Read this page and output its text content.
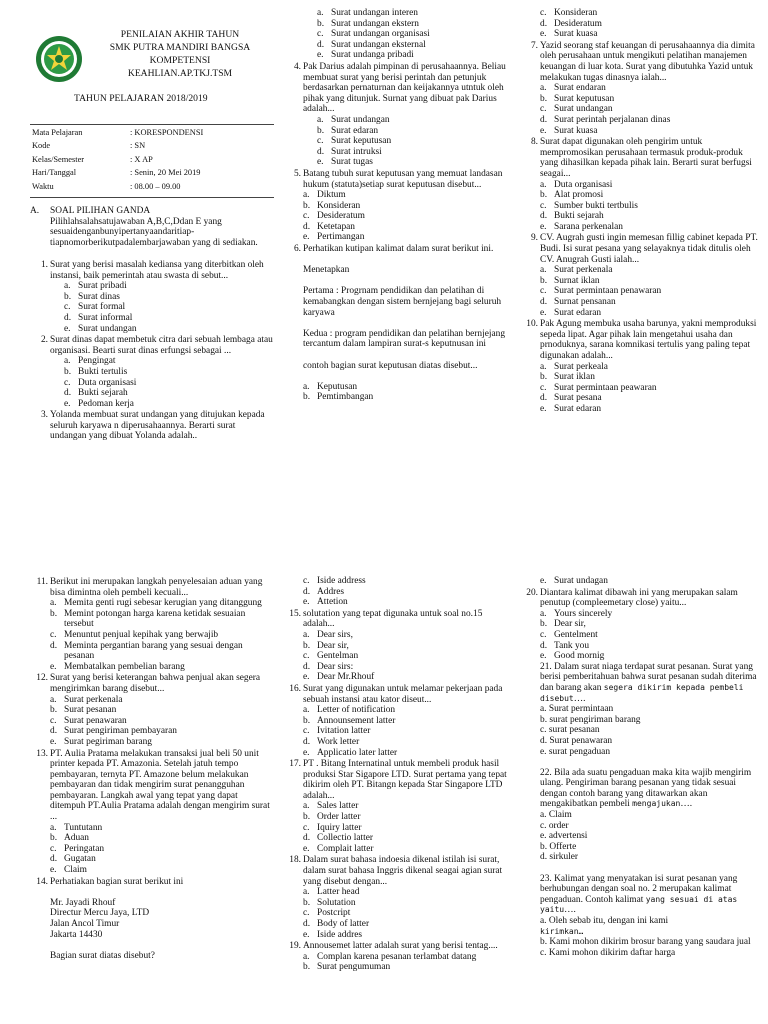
PENILAIAN AKHIR TAHUN
SMK PUTRA MANDIRI BANGSA
KOMPETENSI
KEAHLIAN.AP.TKJ.TSM
TAHUN PELAJARAN 2018/2019
Mata Pelajaran	: KORESPONDENSI
Kode	: SN
Kelas/Semester	: X AP
Hari/Tanggal	: Senin, 20 Mei 2019
Waktu	: 08.00 – 09.00
A. SOAL PILIHAN GANDA
Pilihlahsalahsatujawaban A,B,C,Ddan E yang sesuaidenganbunyipertanyaandaritiap-tiapnomorberikutpadalembarjawaban yang di sediakan.
1. Surat yang berisi masalah kediansa yang diterbitkan oleh instansi, baik pemerintah atau swasta di sebut...
a. Surat pribadi
b. Surat dinas
c. Surat formal
d. Surat informal
e. Surat undangan
2. Surat dinas dapat membetuk citra dari sebuah lembaga atau organisasi. Bearti surat dinas erfungsi sebagai ...
a. Pengingat
b. Bukti tertulis
c. Duta organisasi
d. Bukti sejarah
e. Pedoman kerja
3. Yolanda membuat surat undangan yang ditujukan kepada seluruh karyawa n diperusahaannya. Berarti surat undangan yang dibuat Yolanda adalah..
a. Surat undangan interen
b. Surat undangan ekstern
c. Surat undangan organisasi
d. Surat undangan eksternal
e. Surat undanga pribadi
4. Pak Darius adalah pimpinan di perusahaannya. Beliau membuat surat yang berisi perintah dan petunjuk berdasarkan pernaturnan dan keijakannya utntuk oleh pihak yang ditunjuk. Surnat yang dibuat pak Darius adalah...
a. Surat undangan
b. Surat edaran
c. Surat keputusan
d. Surat intruksi
e. Surat tugas
5. Batang tubuh surat keputusan yang memuat landasan hukum (statuta)setiap surat keputusan disebut...
a. Diktum
b. Konsideran
c. Desideratum
d. Ketetapan
e. Pertimangan
6. Perhatikan kutipan kalimat dalam surat berikut ini.
Menetapkan
Pertama : Progrnam pendidikan dan pelatihan di kemabangkan dengan sistem bernjejang bagi seluruh karyawa
Kedua : program pendidikan dan pelatihan bernjejang tercantum dalam lampiran surat-s keputnusan ini
contoh bagian surat keputusan diatas disebut...
a. Keputusan
b. Pemtimbangan
c. Konsideran
d. Desideratum
e. Surat kuasa
7. Yazid seorang staf keuangan di perusahaannya dia dimita oleh perusahaan untuk mengikuti pelatihan manajemen keuangan di luar kota. Surat yang dibutuhka Yazid untuk melakukan tugas dinasnya ialah...
a. Surat endaran
b. Surat keputusan
c. Surat undangan
d. Surat perintah perjalanan dinas
e. Surat kuasa
8. Surat dapat digunakan oleh pengirim untuk mempromosikan perusahaan termasuk produk-produk yang dihasilkan kepada pihak lain. Berarti surat berfugsi seagai...
a. Duta organisasi
b. Alat promosi
c. Sumber bukti tertbulis
d. Bukti sejarah
e. Sarana perkenalan
9. CV. Augrah gusti ingin memesan fillig cabinet kepada PT. Budi. Isi surat pesana yang selayaknya tidak ditulis oleh CV. Anugrah Gusti ialah...
a. Surat perkenala
b. Surnat iklan
c. Surat permintaan penawaran
d. Surnat pensanan
e. Surat edaran
10. Pak Agung membuka usaha barunya, yakni memproduksi sepeda lipat. Agar pihak lain mengetahui usaha dan prnoduknya, sarana komnikasi tertulis yang paling tepat digunakan adalah...
a. Surat perkeala
b. Surat iklan
c. Surat permintaan peawaran
d. Surat pesana
e. Surat edaran
11. Berikut ini merupakan langkah penyelesaian aduan yang bisa dimintna oleh pembeli kecuali...
a. Memita genti rugi sebesar kerugian yang ditanggung
b. Memint potongan harga karena ketidak sesuaian tersebut
c. Menuntut penjual kepihak yang berwajib
d. Meminta pergantian barang yang sesuai dengan pesanan
e. Membatalkan pembelian barang
12. Surat yang berisi keterangan bahwa penjual akan segera mengirimkan barang disebut...
a. Surat perkenala
b. Surat pesanan
c. Surat penawaran
d. Surat pengiriman pembayaran
e. Surat pegiriman barang
13. PT. Aulia Pratama melakukan transaksi jual beli 50 unit printer kepada PT. Amazonia. Setelah jatuh tempo pembayaran, ternyta PT. Amazone belum melakukan pembayaran dan tidak mengirim surat penangguhan pembayaran. Langkah awal yang tepat yang dapat ditempuh PT.Aulia Pratama adalah dengan mengirim surat ...
a. Tuntutann
b. Aduan
c. Peringatan
d. Gugatan
e. Claim
14. Perhatiakan bagian surat berikut ini
Mr. Jayadi Rhouf
Directur Mercu Jaya, LTD
Jalan Ancol Timur
Jakarta 14430
Bagian surat diatas disebut?
c. Iside address
d. Addres
e. Attetion
15. solutation yang tepat digunaka untuk soal no.15 adalah...
a. Dear sirs,
b. Dear sir,
c. Gentelman
d. Dear sirs:
e. Dear Mr.Rhouf
16. Surat yang digunakan untuk melamar pekerjaan pada sebuah instansi atau kator diseut...
a. Letter of notification
b. Announsement latter
c. Ivitation latter
d. Work letter
e. Applicatio later latter
17. PT . Bitang Internatinal untuk membeli produk hasil produksi Star Sigapore LTD. Surat pertama yang tepat dikirim oleh PT. Bitangn kepada Star Singapore LTD adalah...
a. Sales latter
b. Order latter
c. Iquiry latter
d. Collectio latter
e. Complait latter
18. Dalam surat bahasa indoesia dikenal istilah isi surat, dalam surat bahasa Inggris dikenal seagai agian surat yang disebut dengan...
a. Latter head
b. Solutation
c. Postcript
d. Body of latter
e. Iside addres
19. Annousemet latter adalah surat yang berisi tentag....
a. Complan karena pesanan terlambat datang
b. Surat pengumuman
e. Surat undagan
20. Diantara kalimat dibawah ini yang merupakan salam penutup (compleemetary close) yaitu...
a. Yours sincerely
b. Dear sir,
c. Gentelment
d. Tank you
e. Good mornig
21. Dalam surat niaga terdapat surat pesanan. Surat yang berisi pemberitahuan bahwa surat pesanan sudah diterima dan barang akan segera dikirim kepada pembeli disebut….
a. Surat permintaan
b. surat pengiriman barang
c. surat pesanan
d. Surat penawaran
e. surat pengaduan
22. Bila ada suatu pengaduan maka kita wajib mengirim ulang. Pengiriman barang pesanan yang tidak sesuai dengan contoh barang yang ditawarkan akan mengakibatkan pembeli mengajukan….
a. Claim
c. order
e. advertensi
b. Offerte
d. sirkuler
23. Kalimat yang menyatakan isi surat pesanan yang berhubungan dengan soal no. 2 merupakan kalimat pengaduan. Contoh kalimat yang sesuai di atas yaitu….
a. Oleh sebab itu, dengan ini kami
kirimkan…
b. Kami mohon dikirim brosur barang yang saudara jual
c. Kami mohon dikirim daftar harga
